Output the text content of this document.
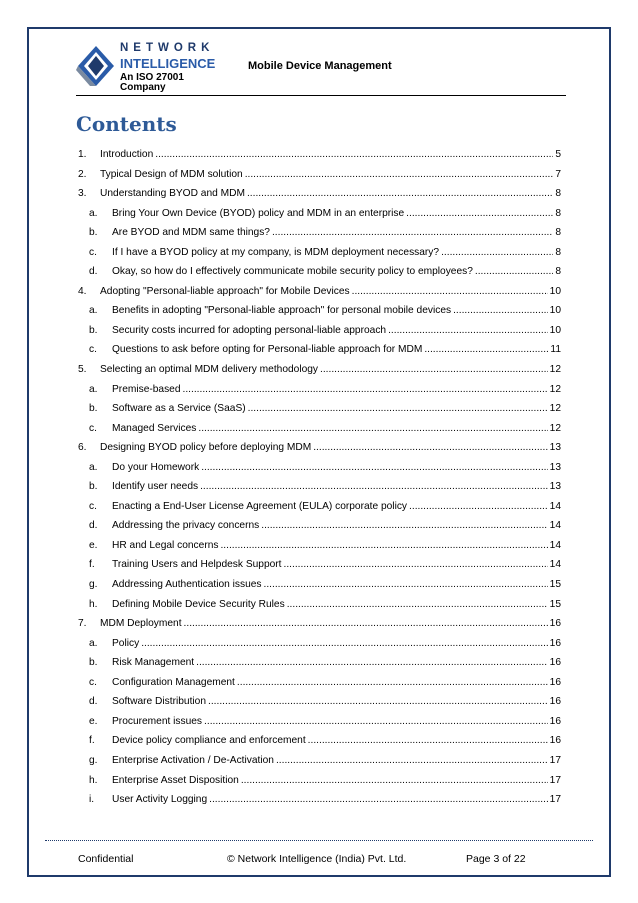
NETWORK
INTELLIGENCE
An ISO 27001 Company
Mobile Device Management
Contents
1.	Introduction .....	5
2.	Typical Design of MDM solution .....	7
3.	Understanding BYOD and MDM .....	8
a.	Bring Your Own Device (BYOD) policy and MDM in an enterprise .....	8
b.	Are BYOD and MDM same things? .....	8
c.	If I have a BYOD policy at my company, is MDM deployment necessary? .....	8
d.	Okay, so how do I effectively communicate mobile security policy to employees? .....	8
4.	Adopting "Personal-liable approach" for Mobile Devices .....	10
a.	Benefits in adopting "Personal-liable approach" for personal mobile devices .....	10
b.	Security costs incurred for adopting personal-liable approach .....	10
c.	Questions to ask before opting for Personal-liable approach for MDM .....	11
5.	Selecting an optimal MDM delivery methodology .....	12
a.	Premise-based .....	12
b.	Software as a Service (SaaS) .....	12
c.	Managed Services .....	12
6.	Designing BYOD policy before deploying MDM .....	13
a.	Do your Homework .....	13
b.	Identify user needs .....	13
c.	Enacting a End-User License Agreement (EULA) corporate policy .....	14
d.	Addressing the privacy concerns .....	14
e.	HR and Legal concerns .....	14
f.	Training Users and Helpdesk Support .....	14
g.	Addressing Authentication issues .....	15
h.	Defining Mobile Device Security Rules .....	15
7.	MDM Deployment .....	16
a.	Policy .....	16
b.	Risk Management .....	16
c.	Configuration Management .....	16
d.	Software Distribution .....	16
e.	Procurement issues .....	16
f.	Device policy compliance and enforcement .....	16
g.	Enterprise Activation / De-Activation .....	17
h.	Enterprise Asset Disposition .....	17
i.	User Activity Logging .....	17
Confidential	© Network Intelligence (India) Pvt. Ltd.	Page 3 of 22
